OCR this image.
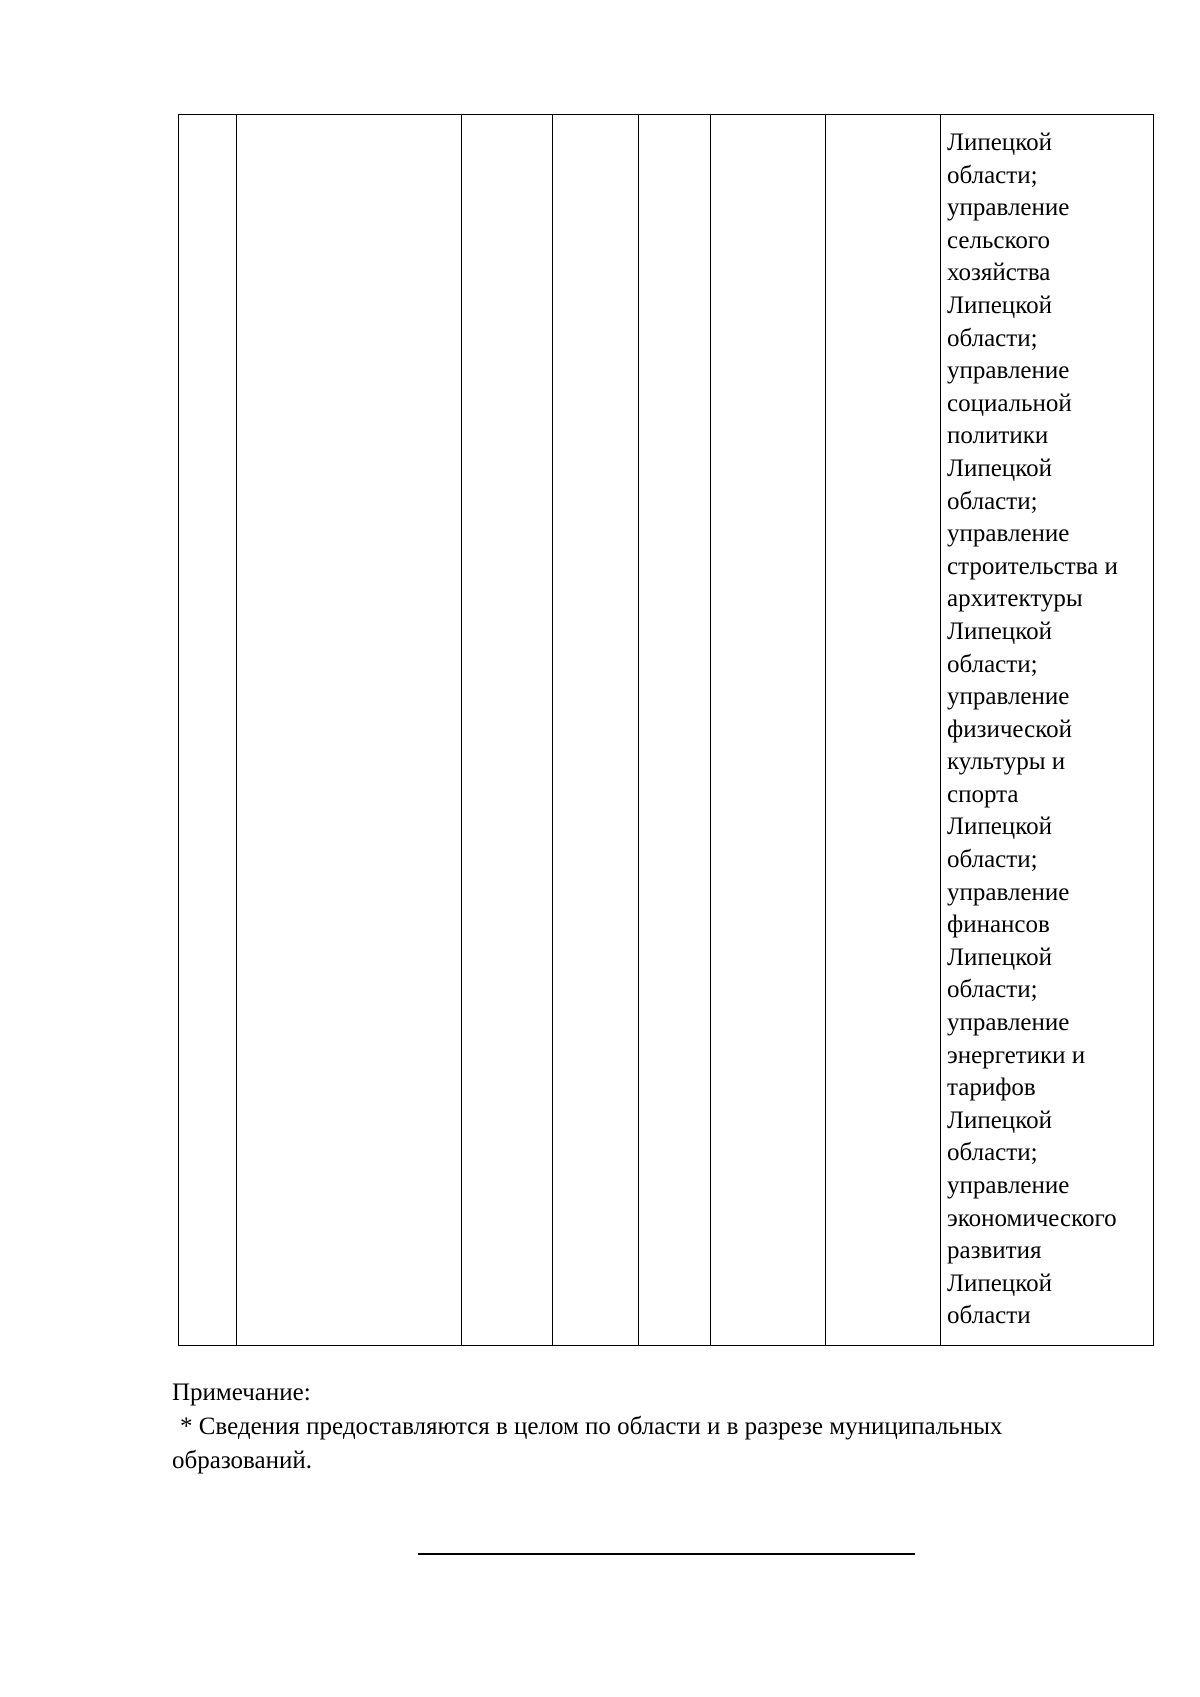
							Липецкой
области;
управление
сельского
хозяйства
Липецкой
области;
управление
социальной
политики
Липецкой
области;
управление
строительства и
архитектуры
Липецкой
области;
управление
физической
культуры и
спорта
Липецкой
области;
управление
финансов
Липецкой
области;
управление
энергетики и
тарифов
Липецкой
области;
управление
экономического
развития
Липецкой
области

Примечание:

* Сведения предоставляются в целом по области и в разрезе муниципальных

образований.
